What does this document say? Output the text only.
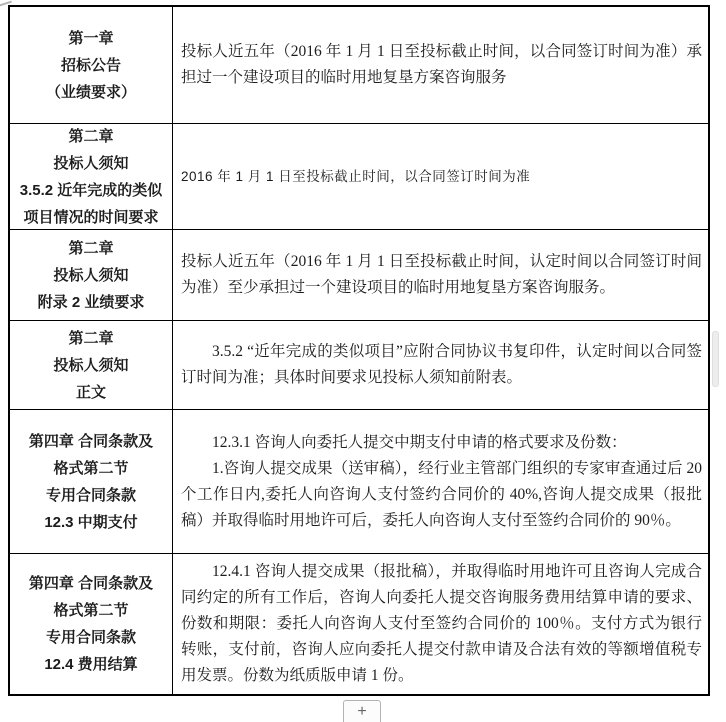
第一章
招标公告
（业绩要求）

投标人近五年（2016 年 1 月 1 日至投标截止时间，以合同签订时间为准）承担过一个建设项目的临时用地复垦方案咨询服务

第二章
投标人须知
3.5.2 近年完成的类似
项目情况的时间要求

2016 年 1 月 1 日至投标截止时间，以合同签订时间为准

第二章
投标人须知
附录 2 业绩要求

投标人近五年（2016 年 1 月 1 日至投标截止时间，认定时间以合同签订时间为准）至少承担过一个建设项目的临时用地复垦方案咨询服务。

第二章
投标人须知
正文

3.5.2 “近年完成的类似项目”应附合同协议书复印件，认定时间以合同签订时间为准；具体时间要求见投标人须知前附表。

第四章 合同条款及
格式第二节
专用合同条款
12.3 中期支付

12.3.1 咨询人向委托人提交中期支付申请的格式要求及份数：

1.咨询人提交成果（送审稿），经行业主管部门组织的专家审查通过后 20 个工作日内,委托人向咨询人支付签约合同价的 40%,咨询人提交成果（报批稿）并取得临时用地许可后，委托人向咨询人支付至签约合同价的 90％。

第四章 合同条款及
格式第二节
专用合同条款
12.4 费用结算

12.4.1 咨询人提交成果（报批稿），并取得临时用地许可且咨询人完成合同约定的所有工作后，咨询人向委托人提交咨询服务费用结算申请的要求、份数和期限：委托人向咨询人支付至签约合同价的 100％。支付方式为银行转账，支付前，咨询人应向委托人提交付款申请及合法有效的等额增值税专用发票。份数为纸质版申请 1 份。

+
